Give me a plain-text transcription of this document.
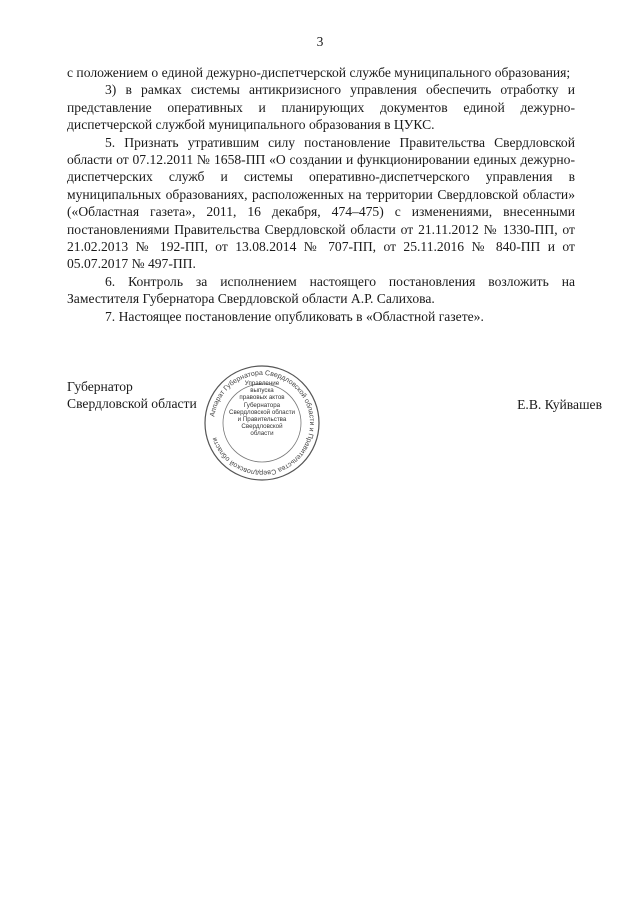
3

с положением о единой дежурно-диспетчерской службе муниципального образования;

3) в рамках системы антикризисного управления обеспечить отработку и представление оперативных и планирующих документов единой дежурно-диспетчерской службой муниципального образования в ЦУКС.

5. Признать утратившим силу постановление Правительства Свердловской области от 07.12.2011 № 1658-ПП «О создании и функционировании единых дежурно-диспетчерских служб и системы оперативно-диспетчерского управления в муниципальных образованиях, расположенных на территории Свердловской области» («Областная газета», 2011, 16 декабря, 474–475) с изменениями, внесенными постановлениями Правительства Свердловской области от 21.11.2012 № 1330-ПП, от 21.02.2013 № 192-ПП, от 13.08.2014 № 707-ПП, от 25.11.2016 № 840-ПП и от 05.07.2017 № 497-ПП.

6. Контроль за исполнением настоящего постановления возложить на Заместителя Губернатора Свердловской области А.Р. Салихова.

7. Настоящее постановление опубликовать в «Областной газете».

Губернатор
Свердловской области
Аппарат Губернатора Свердловской области и Правительства Свердловской области
Управление
выпуска
правовых актов
Губернатора
Свердловской области
и Правительства
Свердловской
области
Е.В. Куйвашев
